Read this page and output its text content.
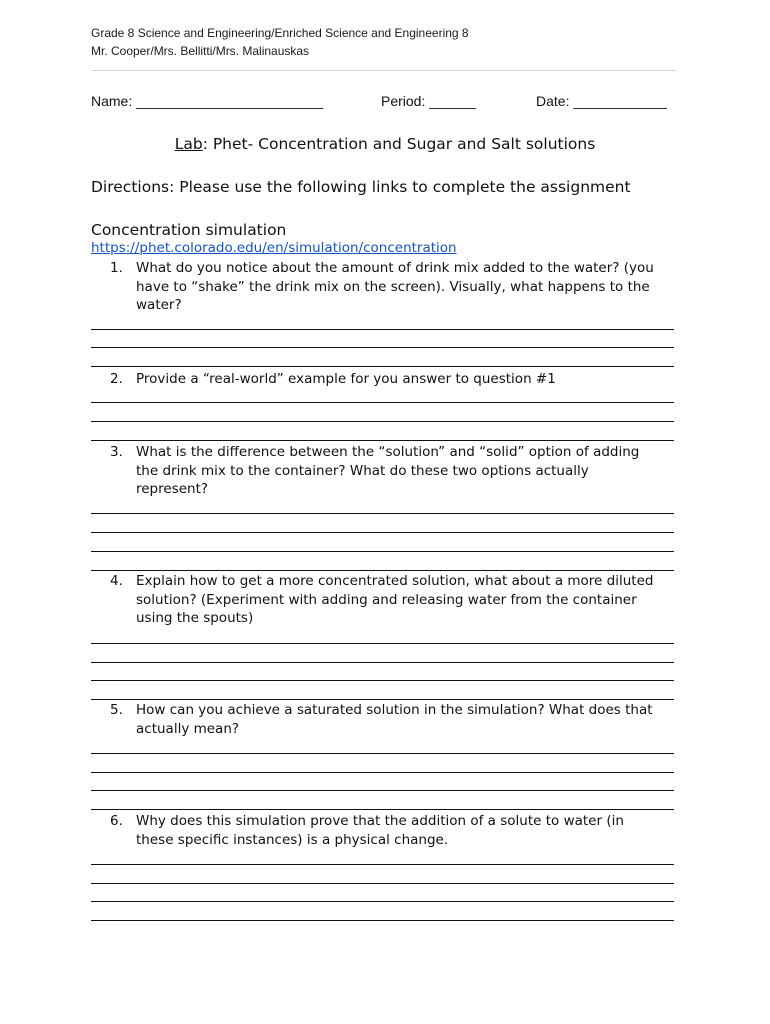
Grade 8 Science and Engineering/Enriched Science and Engineering 8
Mr. Cooper/Mrs. Bellitti/Mrs. Malinauskas
Name: ________________________	Period: ______	Date: ____________
Lab: Phet- Concentration and Sugar and Salt solutions
Directions: Please use the following links to complete the assignment
Concentration simulation
https://phet.colorado.edu/en/simulation/concentration
1. What do you notice about the amount of drink mix added to the water? (you
have to “shake” the drink mix on the screen). Visually, what happens to the
water?
2. Provide a “real-world” example for you answer to question #1
3. What is the difference between the “solution” and “solid” option of adding
the drink mix to the container? What do these two options actually
represent?
4. Explain how to get a more concentrated solution, what about a more diluted
solution? (Experiment with adding and releasing water from the container
using the spouts)
5. How can you achieve a saturated solution in the simulation? What does that
actually mean?
6. Why does this simulation prove that the addition of a solute to water (in
these specific instances) is a physical change.
